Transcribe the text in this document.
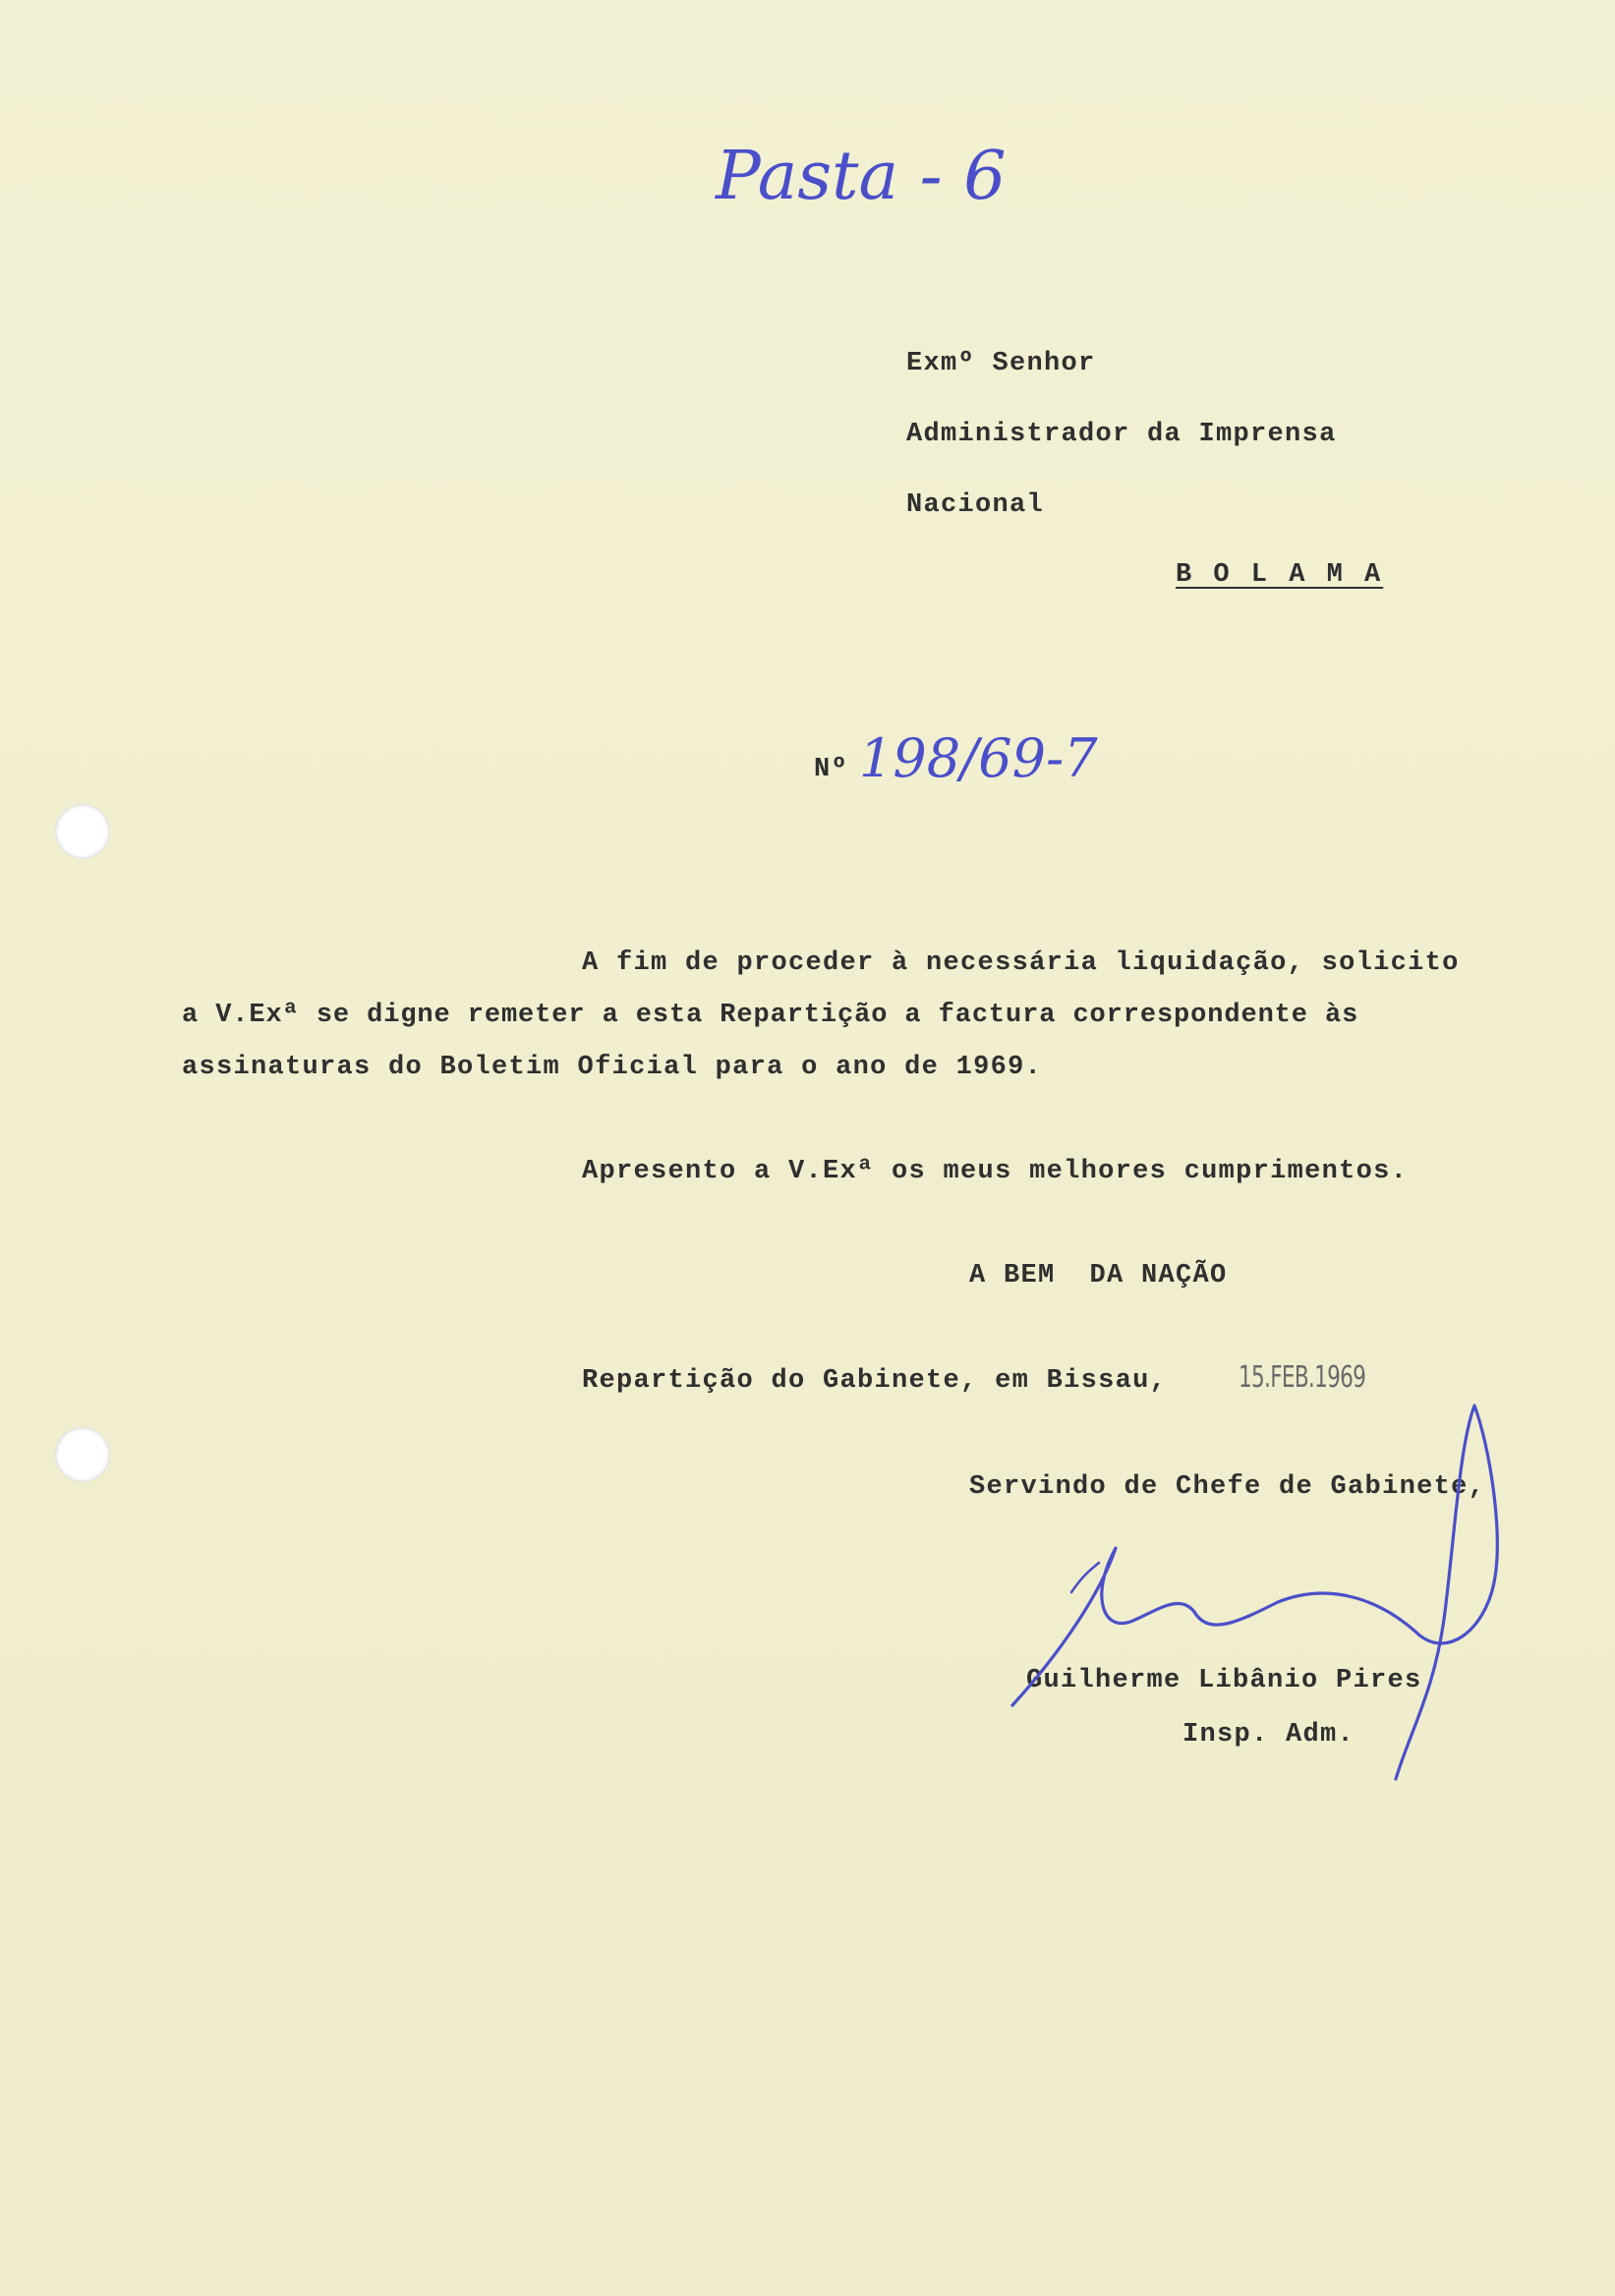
Pasta - 6

Exmº Senhor

Administrador da Imprensa

Nacional

B O L A M A

Nº 198/69-7

A fim de proceder à necessária liquidação, solicito

a V.Exª se digne remeter a esta Repartição a factura correspondente às

assinaturas do Boletim Oficial para o ano de 1969.

Apresento a V.Exª os meus melhores cumprimentos.

A BEM  DA NAÇÃO

Repartição do Gabinete, em Bissau, 15.FEB.1969

Servindo de Chefe de Gabinete,

Guilherme Libânio Pires

Insp. Adm.
